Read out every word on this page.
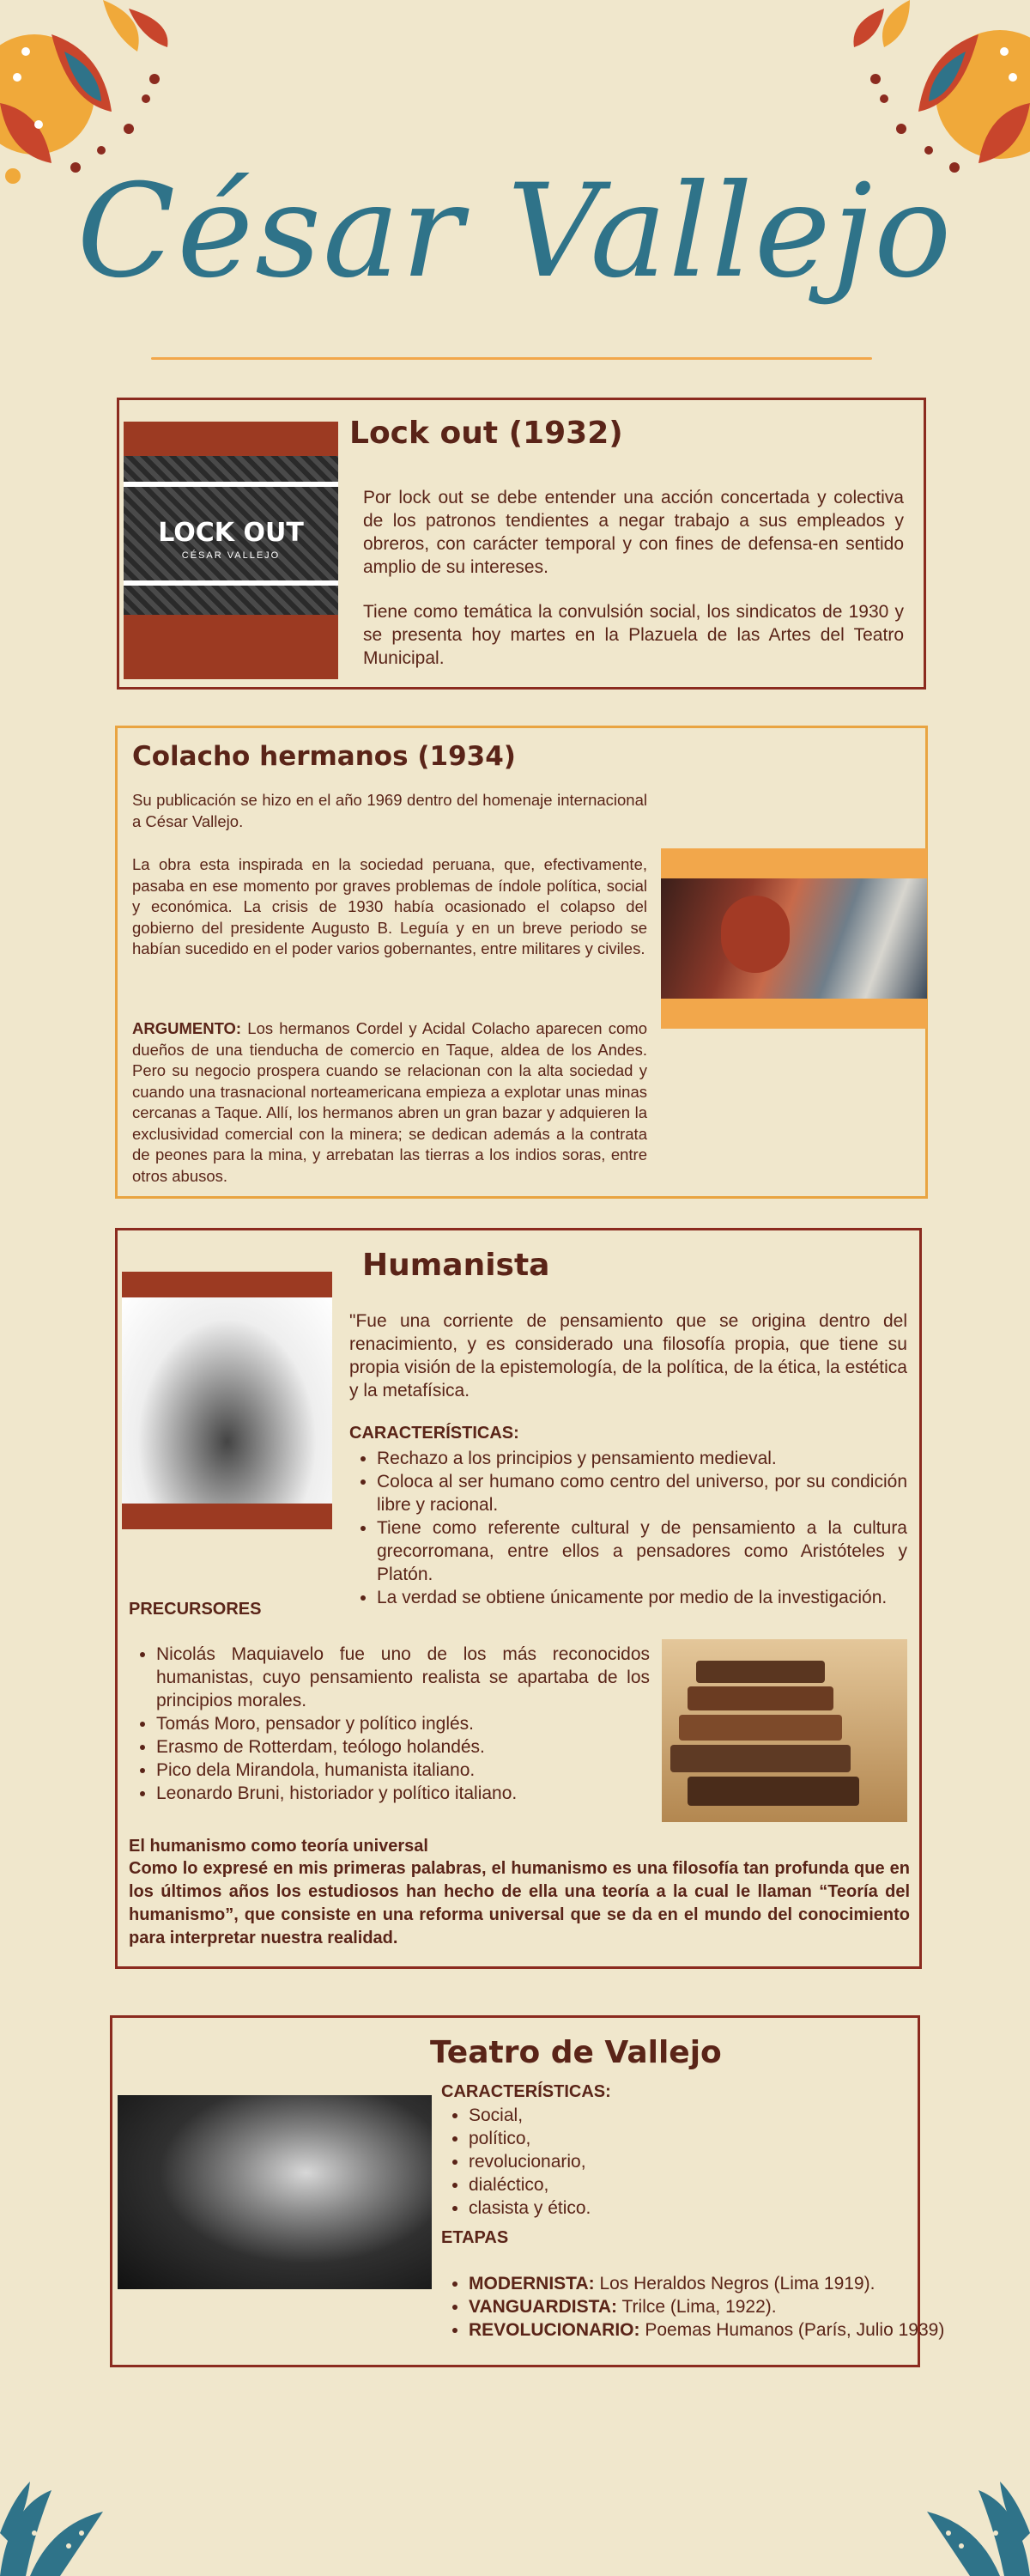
César Vallejo
LOCK OUT
CÉSAR VALLEJO
Lock out (1932)

Por lock out se debe entender una acción concertada y colectiva de los patronos tendientes a negar trabajo a sus empleados y obreros, con carácter temporal y con fines de defensa-en sentido amplio de su intereses.

Tiene como temática la convulsión social, los sindicatos de 1930 y se presenta hoy martes en la Plazuela de las Artes del Teatro Municipal.

Colacho hermanos (1934)

Su publicación se hizo en el año 1969 dentro del homenaje internacional a César Vallejo.

La obra esta inspirada en la sociedad peruana, que, efectivamente, pasaba en ese momento por graves problemas de índole política, social y económica. La crisis de 1930 había ocasionado el colapso del gobierno del presidente Augusto B. Leguía y en un breve periodo se habían sucedido en el poder varios gobernantes, entre militares y civiles.

ARGUMENTO: Los hermanos Cordel y Acidal Colacho aparecen como dueños de una tienducha de comercio en Taque, aldea de los Andes. Pero su negocio prospera cuando se relacionan con la alta sociedad y cuando una trasnacional norteamericana empieza a explotar unas minas cercanas a Taque. Allí, los hermanos abren un gran bazar y adquieren la exclusividad comercial con la minera; se dedican además a la contrata de peones para la mina, y arrebatan las tierras a los indios soras, entre otros abusos.

Humanista

"Fue una corriente de pensamiento que se origina dentro del renacimiento, y es considerado una filosofía propia, que tiene su propia visión de la epistemología, de la política, de la ética, la estética y la metafísica.

CARACTERÍSTICAS:
• Rechazo a los principios y pensamiento medieval.
• Coloca al ser humano como centro del universo, por su condición libre y racional.
• Tiene como referente cultural y de pensamiento a la cultura grecorromana, entre ellos a pensadores como Aristóteles y Platón.
• La verdad se obtiene únicamente por medio de la investigación.
PRECURSORES
• Nicolás Maquiavelo fue uno de los más reconocidos humanistas, cuyo pensamiento realista se apartaba de los principios morales.
• Tomás Moro, pensador y político inglés.
• Erasmo de Rotterdam, teólogo holandés.
• Pico dela Mirandola, humanista italiano.
• Leonardo Bruni, historiador y político italiano.
El humanismo como teoría universal

Como lo expresé en mis primeras palabras, el humanismo es una filosofía tan profunda que en los últimos años los estudiosos han hecho de ella una teoría a la cual le llaman “Teoría del humanismo”, que consiste en una reforma universal que se da en el mundo del conocimiento para interpretar nuestra realidad.

Teatro de Vallejo
CARACTERÍSTICAS:
• Social,
• político,
• revolucionario,
• dialéctico,
• clasista y ético.
ETAPAS
• MODERNISTA: Los Heraldos Negros (Lima 1919).
• VANGUARDISTA: Trilce (Lima, 1922).
• REVOLUCIONARIO: Poemas Humanos (París, Julio 1939)
